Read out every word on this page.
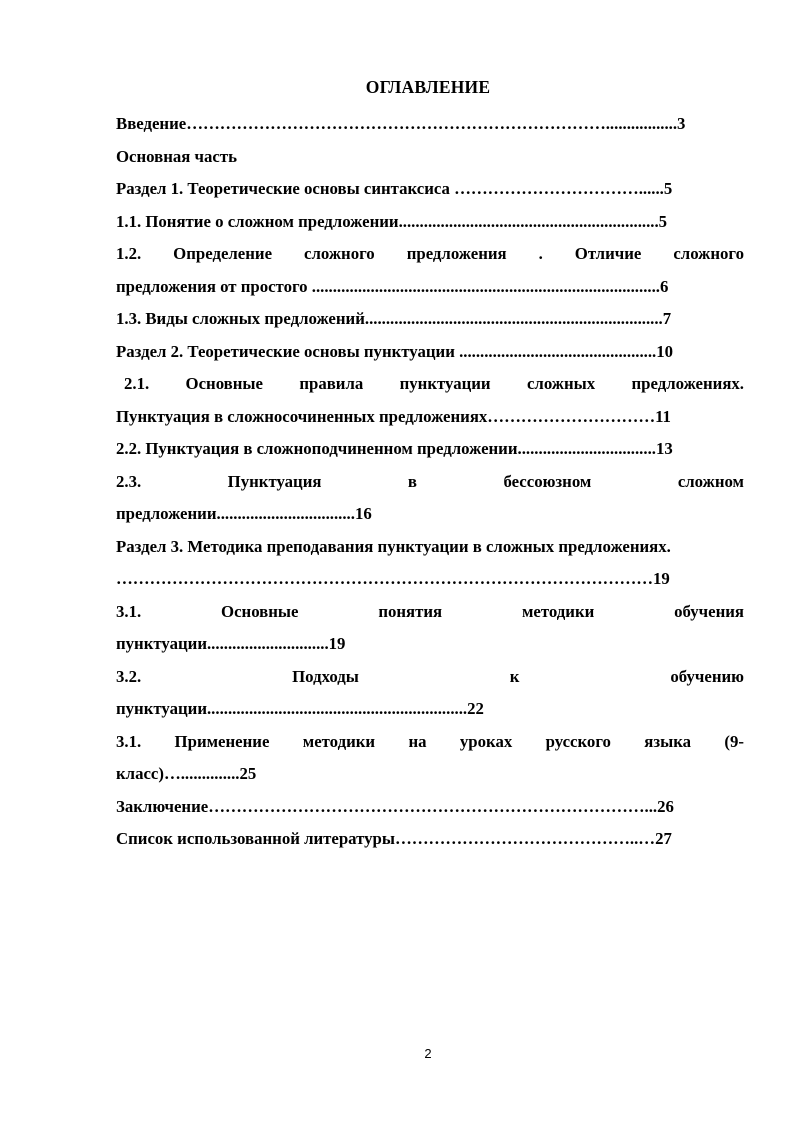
ОГЛАВЛЕНИЕ
Введение………………………………………………………………….................3
Основная часть
Раздел 1. Теоретические основы синтаксиса ……………………………......5
1.1. Понятие о сложном предложении..............................................................5
1.2. Определение сложного предложения . Отличие сложного
предложения от простого ...................................................................................6
1.3. Виды сложных предложений.......................................................................7
Раздел 2. Теоретические основы пунктуации ...............................................10
2.1. Основные правила пунктуации сложных предложениях.
Пунктуация в сложносочиненных предложениях…………………………11
2.2. Пунктуация в сложноподчиненном предложении.................................13
2.3. Пунктуация в бессоюзном сложном
предложении.................................16
Раздел 3. Методика преподавания пунктуации в сложных предложениях.
……………………………………………………………………………………19
3.1. Основные понятия методики обучения
пунктуации.............................19
3.2. Подходы к обучению
пунктуации..............................................................22
3.1. Применение методики на уроках русского языка (9-
класс)…..............25
Заключение……………………………………………………………………...26
Список использованной литературы……………………………………..…27
2
